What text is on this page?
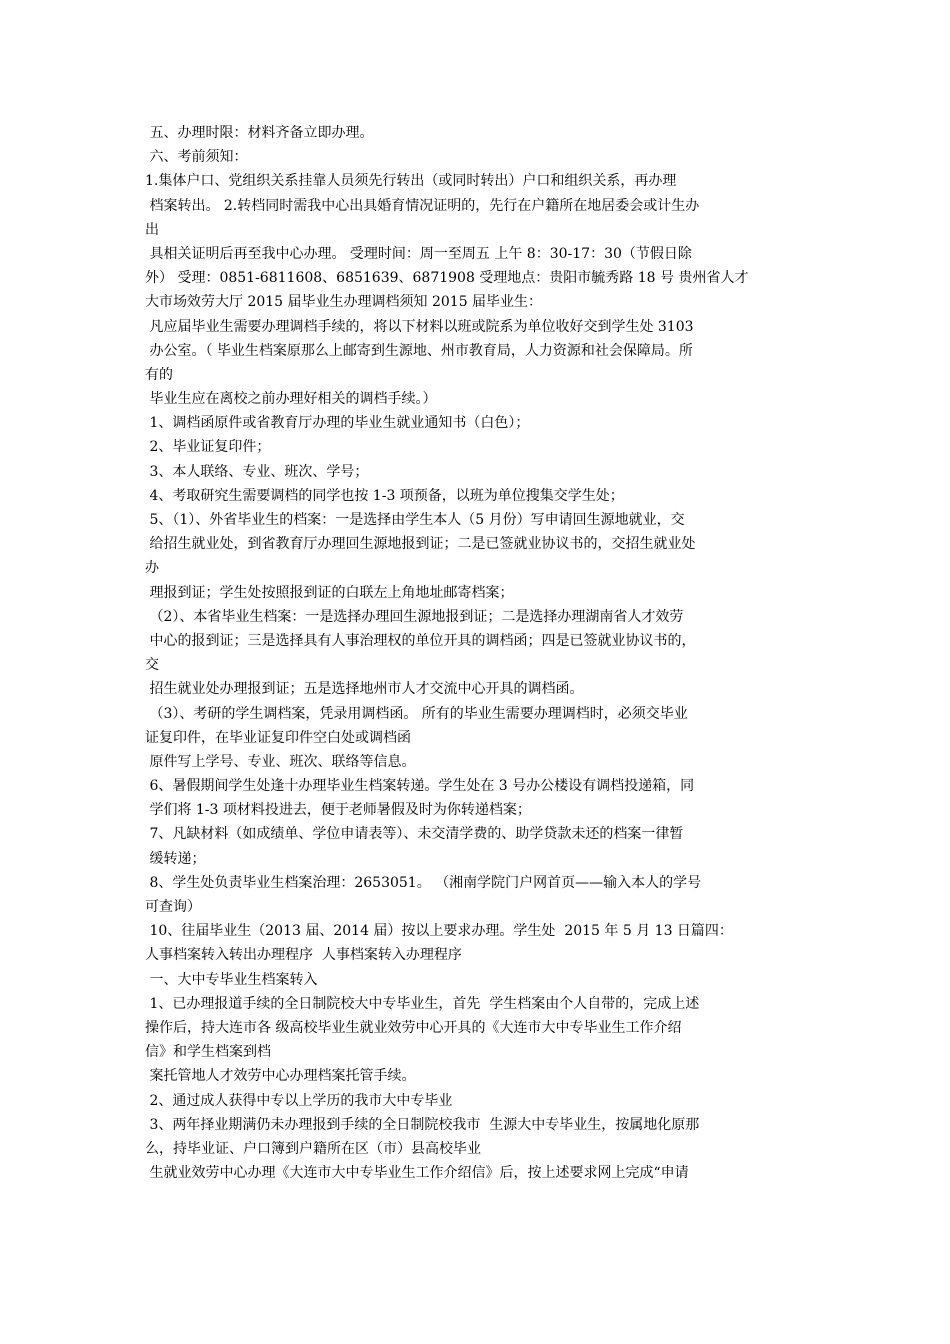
五、办理时限：材料齐备立即办理。
六、考前须知：
1.集体户口、党组织关系挂靠人员须先行转出（或同时转出）户口和组织关系，再办理
档案转出。 2.转档同时需我中心出具婚育情况证明的，先行在户籍所在地居委会或计生办
出
具相关证明后再至我中心办理。 受理时间：周一至周五 上午 8：30-17：30（节假日除
外） 受理：0851-6811608、6851639、6871908 受理地点：贵阳市毓秀路 18 号 贵州省人才
大市场效劳大厅 2015 届毕业生办理调档须知 2015 届毕业生：
凡应届毕业生需要办理调档手续的，将以下材料以班或院系为单位收好交到学生处 3103
办公室。（ 毕业生档案原那么上邮寄到生源地、州市教育局，人力资源和社会保障局。所
有的
毕业生应在离校之前办理好相关的调档手续。）
1、调档函原件或省教育厅办理的毕业生就业通知书（白色）；
2、毕业证复印件；
3、本人联络、专业、班次、学号；
4、考取研究生需要调档的同学也按 1-3 项预备，以班为单位搜集交学生处；
5、（1）、外省毕业生的档案：一是选择由学生本人（5 月份）写申请回生源地就业，交
给招生就业处，到省教育厅办理回生源地报到证；二是已签就业协议书的，交招生就业处
办
理报到证；学生处按照报到证的白联左上角地址邮寄档案；
（2）、本省毕业生档案：一是选择办理回生源地报到证；二是选择办理湖南省人才效劳
中心的报到证；三是选择具有人事治理权的单位开具的调档函；四是已签就业协议书的，
交
招生就业处办理报到证；五是选择地州市人才交流中心开具的调档函。
（3）、考研的学生调档案，凭录用调档函。 所有的毕业生需要办理调档时，必须交毕业
证复印件，在毕业证复印件空白处或调档函
原件写上学号、专业、班次、联络等信息。
6、暑假期间学生处逢十办理毕业生档案转递。学生处在 3 号办公楼设有调档投递箱，同
学们将 1-3 项材料投进去，便于老师暑假及时为你转递档案；
7、凡缺材料（如成绩单、学位申请表等）、未交清学费的、助学贷款未还的档案一律暂
缓转递；
8、学生处负责毕业生档案治理：2653051。 （湘南学院门户网首页——输入本人的学号
可查询）
10、往届毕业生（2013 届、2014 届）按以上要求办理。学生处  2015 年 5 月 13 日篇四：
人事档案转入转出办理程序  人事档案转入办理程序
一、大中专毕业生档案转入
1、已办理报道手续的全日制院校大中专毕业生，首先  学生档案由个人自带的，完成上述
操作后，持大连市各 级高校毕业生就业效劳中心开具的《大连市大中专毕业生工作介绍
信》和学生档案到档
案托管地人才效劳中心办理档案托管手续。
2、通过成人获得中专以上学历的我市大中专毕业
3、两年择业期满仍未办理报到手续的全日制院校我市  生源大中专毕业生，按属地化原那
么，持毕业证、户口簿到户籍所在区（市）县高校毕业
生就业效劳中心办理《大连市大中专毕业生工作介绍信》后，按上述要求网上完成“申请
